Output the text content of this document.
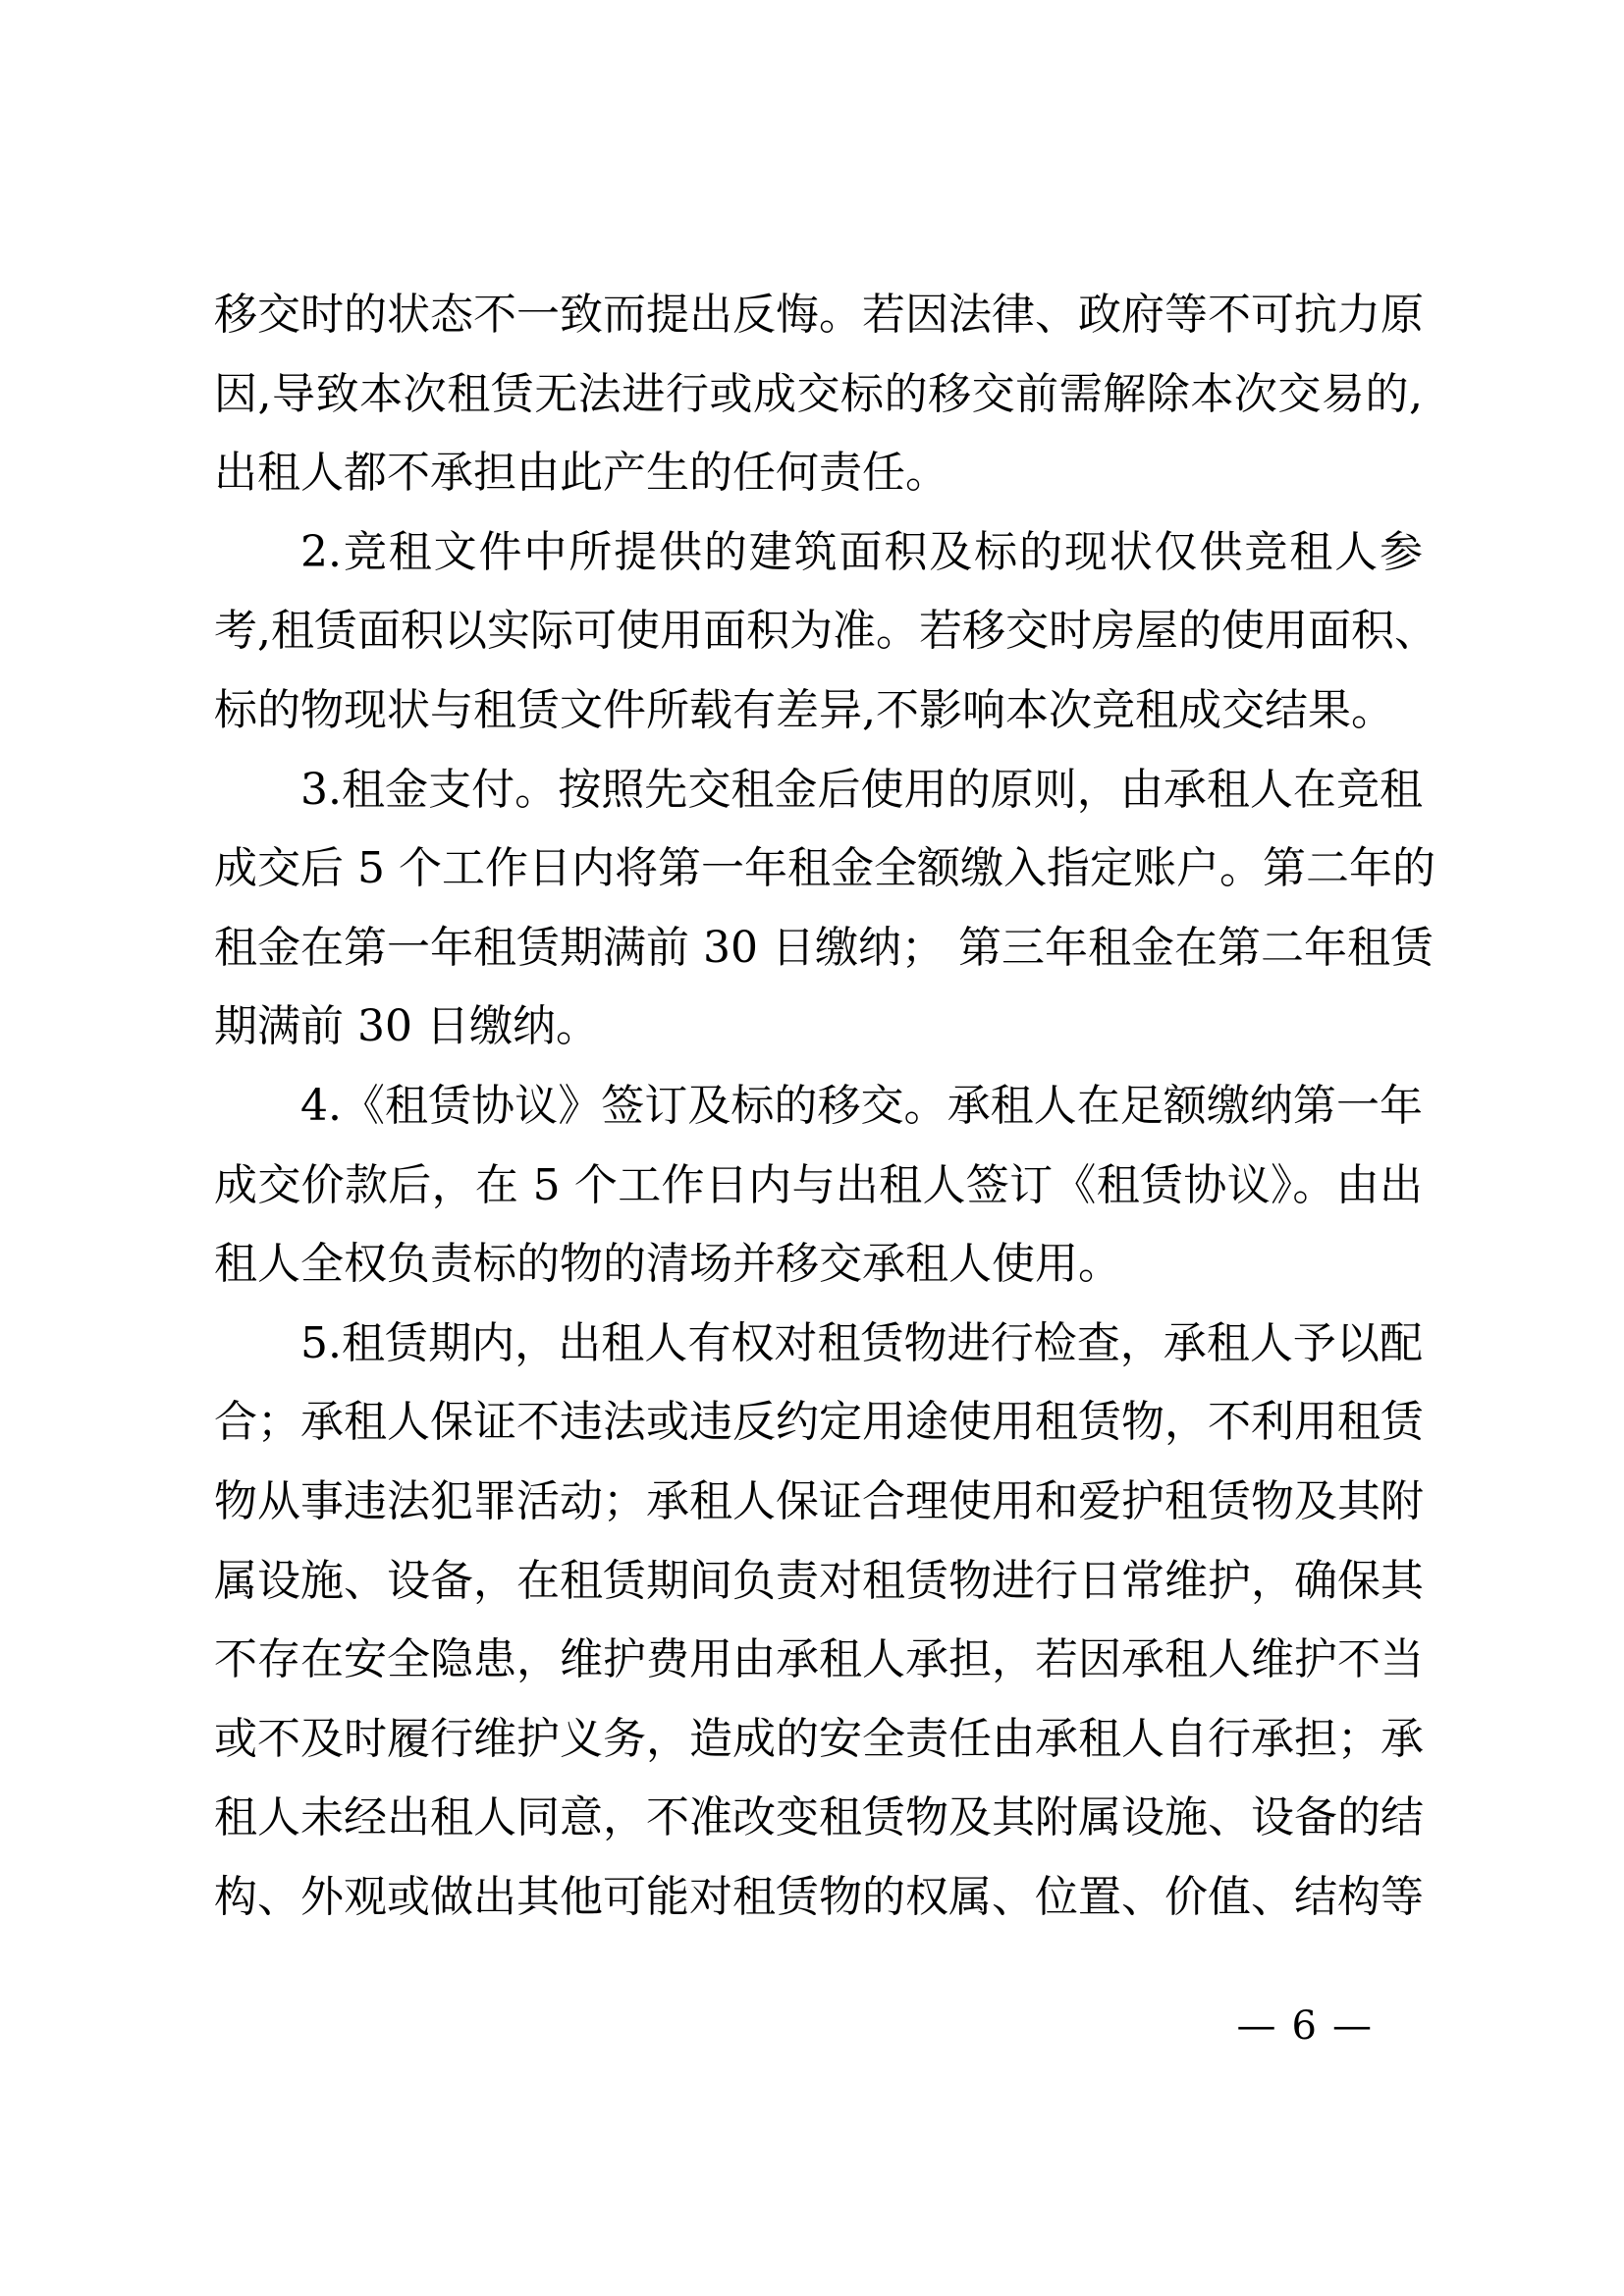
移交时的状态不一致而提出反悔。若因法律、政府等不可抗力原
因,导致本次租赁无法进行或成交标的移交前需解除本次交易的,
出租人都不承担由此产生的任何责任。
2.竞租文件中所提供的建筑面积及标的现状仅供竞租人参
考,租赁面积以实际可使用面积为准。若移交时房屋的使用面积、
标的物现状与租赁文件所载有差异,不影响本次竞租成交结果。
3.租金支付。按照先交租金后使用的原则，由承租人在竞租
成交后 5 个工作日内将第一年租金全额缴入指定账户。第二年的
租金在第一年租赁期满前 30 日缴纳； 第三年租金在第二年租赁
期满前 30 日缴纳。
4.《租赁协议》签订及标的移交。承租人在足额缴纳第一年
成交价款后，在 5 个工作日内与出租人签订《租赁协议》。由出
租人全权负责标的物的清场并移交承租人使用。
5.租赁期内，出租人有权对租赁物进行检查，承租人予以配
合；承租人保证不违法或违反约定用途使用租赁物，不利用租赁
物从事违法犯罪活动；承租人保证合理使用和爱护租赁物及其附
属设施、设备，在租赁期间负责对租赁物进行日常维护，确保其
不存在安全隐患，维护费用由承租人承担，若因承租人维护不当
或不及时履行维护义务，造成的安全责任由承租人自行承担；承
租人未经出租人同意，不准改变租赁物及其附属设施、设备的结
构、外观或做出其他可能对租赁物的权属、位置、价值、结构等
— 6 —
